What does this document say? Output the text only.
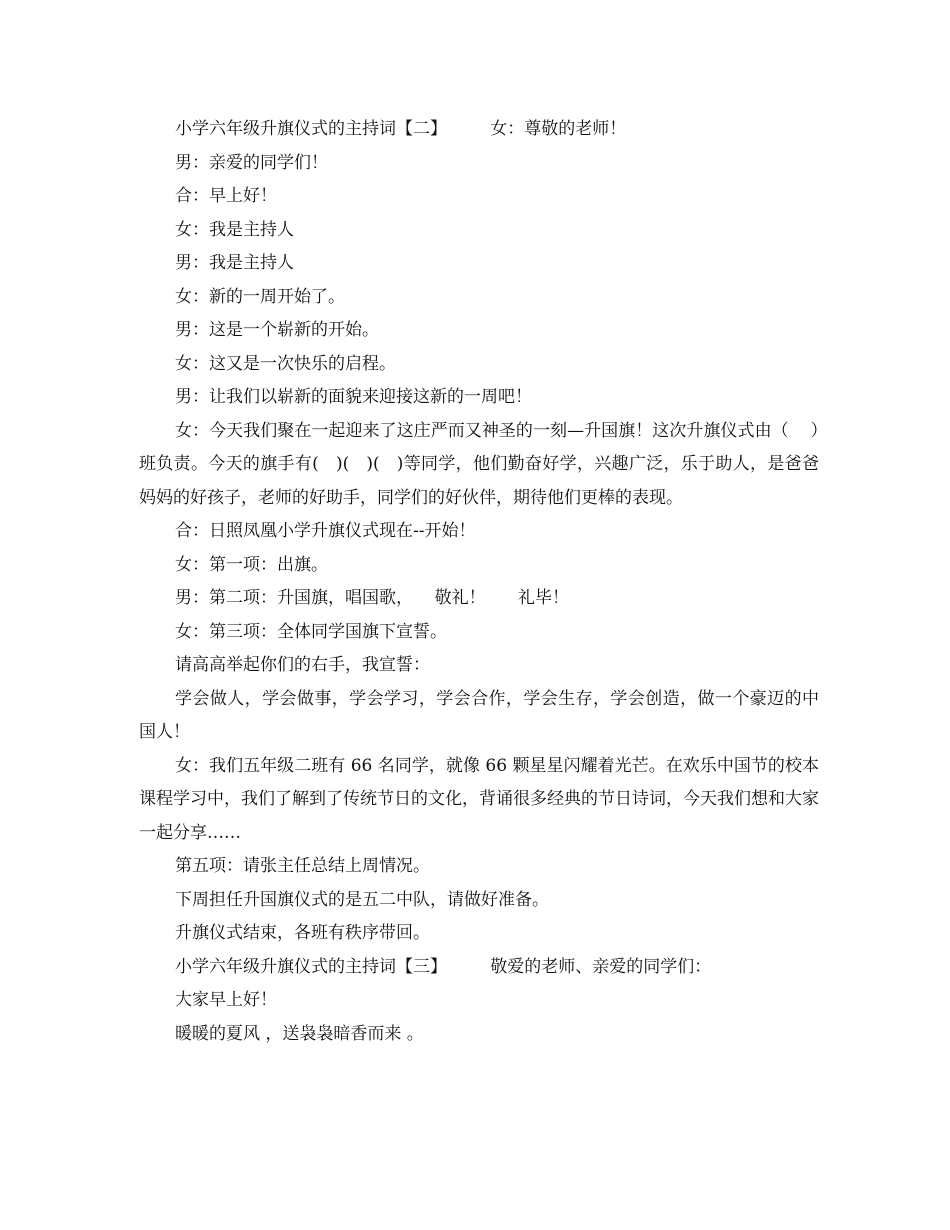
小学六年级升旗仪式的主持词【二】        女：尊敬的老师！

男：亲爱的同学们！

合：早上好！

女：我是主持人

男：我是主持人

女：新的一周开始了。

男：这是一个崭新的开始。

女：这又是一次快乐的启程。

男：让我们以崭新的面貌来迎接这新的一周吧！

女：今天我们聚在一起迎来了这庄严而又神圣的一刻—升国旗！这次升旗仪式由（    ）班负责。今天的旗手有(   )(   )(   )等同学，他们勤奋好学，兴趣广泛，乐于助人，是爸爸妈妈的好孩子，老师的好助手，同学们的好伙伴，期待他们更棒的表现。

合：日照凤凰小学升旗仪式现在--开始！

女：第一项：出旗。

男：第二项：升国旗，唱国歌，    敬礼！      礼毕！

女：第三项：全体同学国旗下宣誓。

请高高举起你们的右手，我宣誓：

学会做人，学会做事，学会学习，学会合作，学会生存，学会创造，做一个豪迈的中国人！

女：我们五年级二班有 66 名同学，就像 66 颗星星闪耀着光芒。在欢乐中国节的校本课程学习中，我们了解到了传统节日的文化，背诵很多经典的节日诗词，今天我们想和大家一起分享……

第五项：请张主任总结上周情况。

下周担任升国旗仪式的是五二中队，请做好准备。

升旗仪式结束，各班有秩序带回。

小学六年级升旗仪式的主持词【三】        敬爱的老师、亲爱的同学们：

大家早上好！

暖暖的夏风 ，送袅袅暗香而来 。
